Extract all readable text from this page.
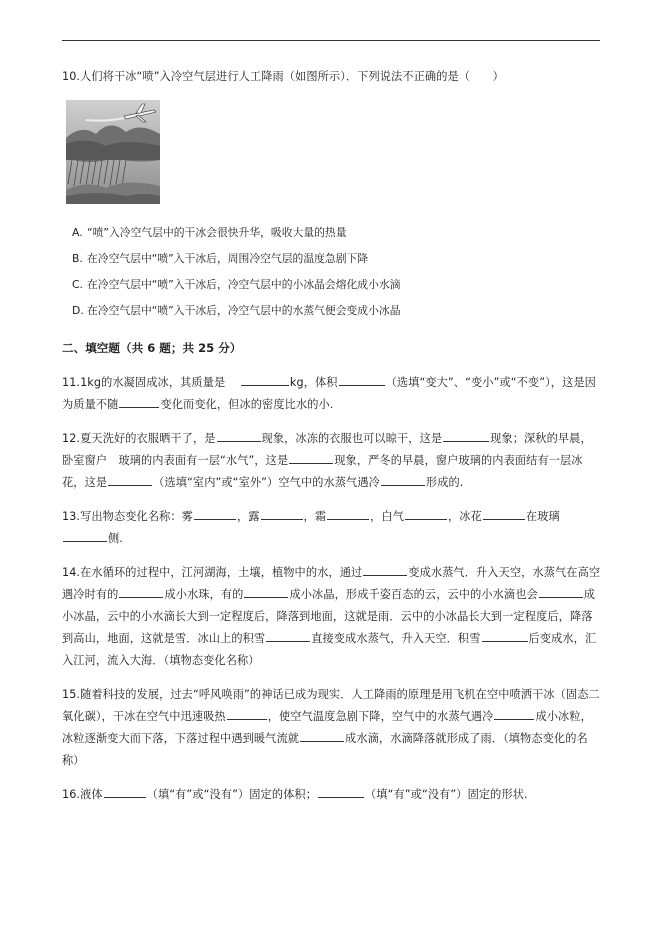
10.人们将干冰“喷”入冷空气层进行人工降雨（如图所示）．下列说法不正确的是（　　）
A. “喷”入冷空气层中的干冰会很快升华，吸收大量的热量
B. 在冷空气层中“喷”入干冰后，周围冷空气层的温度急剧下降
C. 在冷空气层中“喷”入干冰后，冷空气层中的小冰晶会熔化成小水滴
D. 在冷空气层中“喷”入干冰后，冷空气层中的水蒸气便会变成小冰晶
二、填空题（共 6 题；共 25 分）
11.1kg的水凝固成冰，其质量是	kg，体积	（选填“变大”、“变小”或“不变”），这是因为质量不随	变化而变化，但冰的密度比水的小.
12.夏天洗好的衣服晒干了，是	现象，冰冻的衣服也可以晾干，这是	现象；深秋的早晨，卧室窗户　玻璃的内表面有一层“水气”，这是	现象，严冬的早晨，窗户玻璃的内表面结有一层冰花，这是	（选填“室内”或“室外”）空气中的水蒸气遇冷	形成的.
13.写出物态变化名称：雾	，露	，霜	，白气	，冰花	在玻璃
侧.
14.在水循环的过程中，江河湖海，土壤，植物中的水，通过	变成水蒸气．升入天空，水蒸气在高空遇冷时有的	成小水珠，有的	成小冰晶，形成千姿百态的云，云中的小水滴也会	成小冰晶，云中的小水滴长大到一定程度后，降落到地面，这就是雨．云中的小冰晶长大到一定程度后，降落到高山，地面，这就是雪．冰山上的积雪	直接变成水蒸气，升入天空．积雪	后变成水，汇入江河，流入大海．（填物态变化名称）
15.随着科技的发展，过去“呼风唤雨”的神话已成为现实．人工降雨的原理是用飞机在空中喷洒干冰（固态二氧化碳），干冰在空气中迅速吸热	，使空气温度急剧下降，空气中的水蒸气遇冷	成小冰粒，冰粒逐渐变大而下落，下落过程中遇到暖气流就	成水滴，水滴降落就形成了雨．（填物态变化的名称）
16.液体	（填“有”或“没有”）固定的体积；	（填“有”或“没有”）固定的形状.
